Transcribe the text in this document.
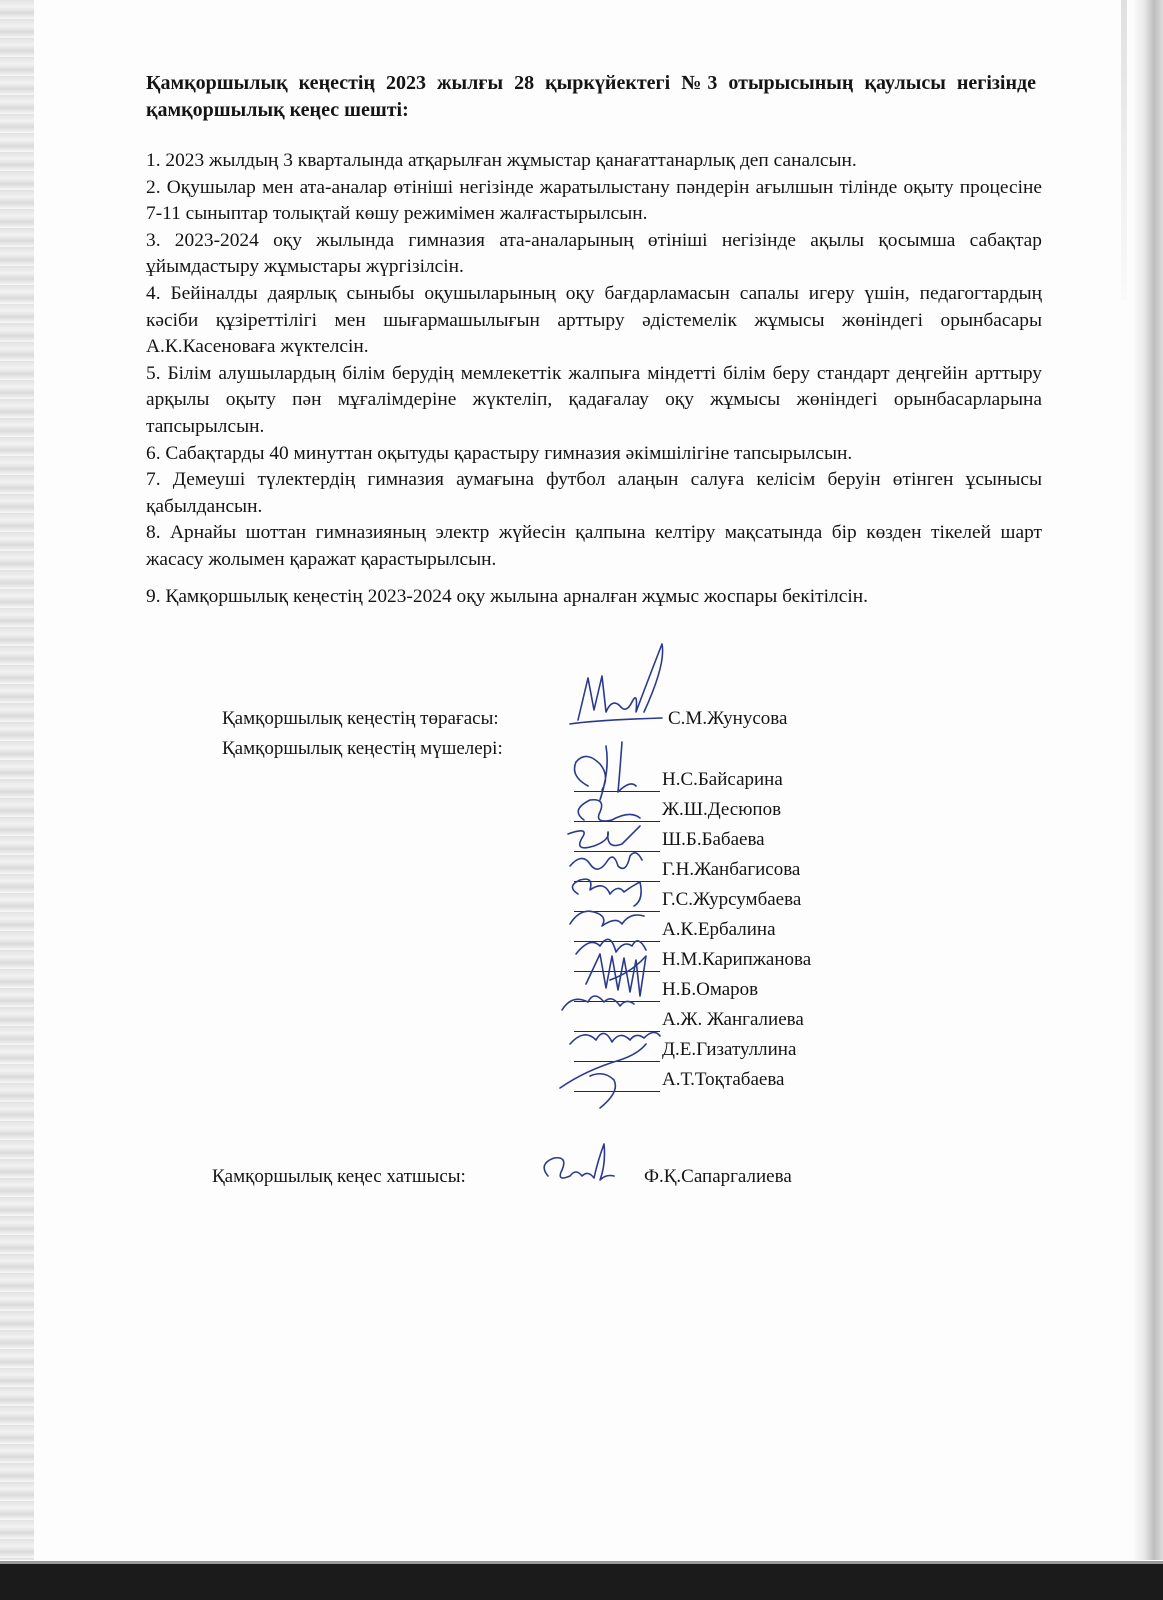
Қамқоршылық кеңестің 2023 жылғы 28 қыркүйектегі №3 отырысының қаулысы негізінде қамқоршылық кеңес шешті:

1. 2023 жылдың 3 кварталында атқарылған жұмыстар қанағаттанарлық деп саналсын.

2. Оқушылар мен ата-аналар өтініші негізінде жаратылыстану пәндерін ағылшын тілінде оқыту процесіне 7-11 сыныптар толықтай көшу режимімен жалғастырылсын.

3. 2023-2024 оқу жылында гимназия ата-аналарының өтініші негізінде ақылы қосымша сабақтар ұйымдастыру жұмыстары жүргізілсін.

4. Бейіналды даярлық сыныбы оқушыларының оқу бағдарламасын сапалы игеру үшін, педагогтардың кәсіби құзіреттілігі мен шығармашылығын арттыру әдістемелік жұмысы жөніндегі орынбасары А.К.Касеноваға жүктелсін.

5. Білім алушылардың білім берудің мемлекеттік жалпыға міндетті білім беру стандарт деңгейін арттыру арқылы оқыту пән мұғалімдеріне жүктеліп, қадағалау оқу жұмысы жөніндегі орынбасарларына тапсырылсын.

6. Сабақтарды 40 минуттан оқытуды қарастыру гимназия әкімшілігіне тапсырылсын.

7. Демеуші түлектердің гимназия аумағына футбол алаңын салуға келісім беруін өтінген ұсынысы қабылдансын.

8. Арнайы шоттан гимназияның электр жүйесін қалпына келтіру мақсатында бір көзден тікелей шарт жасасу жолымен қаражат қарастырылсын.

9. Қамқоршылық кеңестің 2023-2024 оқу жылына арналған жұмыс жоспары бекітілсін.

Қамқоршылық кеңестің төрағасы:	С.М.Жунусова
Қамқоршылық кеңестің мүшелері:
Н.С.Байсарина
Ж.Ш.Десюпов
Ш.Б.Бабаева
Г.Н.Жанбагисова
Г.С.Журсумбаева
А.К.Ербалина
Н.М.Карипжанова
Н.Б.Омаров
А.Ж. Жангалиева
Д.Е.Гизатуллина
А.Т.Тоқтабаева
Қамқоршылық кеңес хатшысы:	Ф.Қ.Сапаргалиева
